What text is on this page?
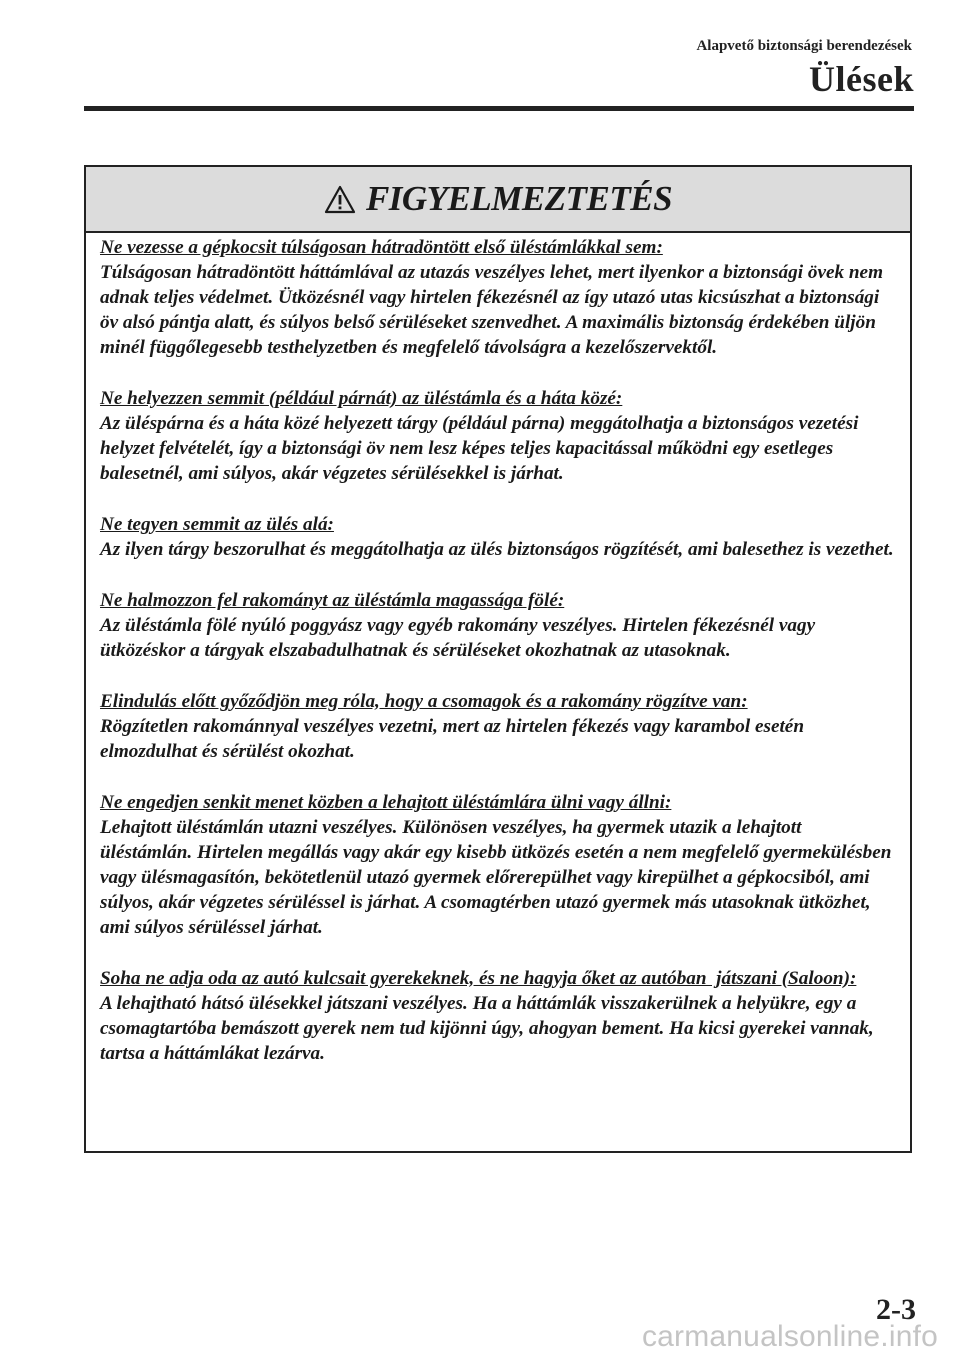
Alapvető biztonsági berendezések
Ülések
FIGYELMEZTETÉS
Ne vezesse a gépkocsit túlságosan hátradöntött első üléstámlákkal sem:
Túlságosan hátradöntött háttámlával az utazás veszélyes lehet, mert ilyenkor a biztonsági övek nem adnak teljes védelmet. Ütközésnél vagy hirtelen fékezésnél az így utazó utas kicsúszhat a biztonsági öv alsó pántja alatt, és súlyos belső sérüléseket szenvedhet. A maximális biztonság érdekében üljön minél függőlegesebb testhelyzetben és megfelelő távolságra a kezelőszervektől.
Ne helyezzen semmit (például párnát) az üléstámla és a háta közé:
Az üléspárna és a háta közé helyezett tárgy (például párna) meggátolhatja a biztonságos vezetési helyzet felvételét, így a biztonsági öv nem lesz képes teljes kapacitással működni egy esetleges balesetnél, ami súlyos, akár végzetes sérülésekkel is járhat.
Ne tegyen semmit az ülés alá:
Az ilyen tárgy beszorulhat és meggátolhatja az ülés biztonságos rögzítését, ami balesethez is vezethet.
Ne halmozzon fel rakományt az üléstámla magassága fölé:
Az üléstámla fölé nyúló poggyász vagy egyéb rakomány veszélyes. Hirtelen fékezésnél vagy ütközéskor a tárgyak elszabadulhatnak és sérüléseket okozhatnak az utasoknak.
Elindulás előtt győződjön meg róla, hogy a csomagok és a rakomány rögzítve van:
Rögzítetlen rakománnyal veszélyes vezetni, mert az hirtelen fékezés vagy karambol esetén elmozdulhat és sérülést okozhat.
Ne engedjen senkit menet közben a lehajtott üléstámlára ülni vagy állni:
Lehajtott üléstámlán utazni veszélyes. Különösen veszélyes, ha gyermek utazik a lehajtott üléstámlán. Hirtelen megállás vagy akár egy kisebb ütközés esetén a nem megfelelő gyermekülésben vagy ülésmagasítón, bekötetlenül utazó gyermek előrerepülhet vagy kirepülhet a gépkocsiból, ami súlyos, akár végzetes sérüléssel is járhat. A csomagtérben utazó gyermek más utasoknak ütközhet, ami súlyos sérüléssel járhat.
Soha ne adja oda az autó kulcsait gyerekeknek, és ne hagyja őket az autóban  játszani (Saloon):
A lehajtható hátsó ülésekkel játszani veszélyes. Ha a háttámlák visszakerülnek a helyükre, egy a csomagtartóba bemászott gyerek nem tud kijönni úgy, ahogyan bement. Ha kicsi gyerekei vannak, tartsa a háttámlákat lezárva.
2-3
carmanualsonline.info
